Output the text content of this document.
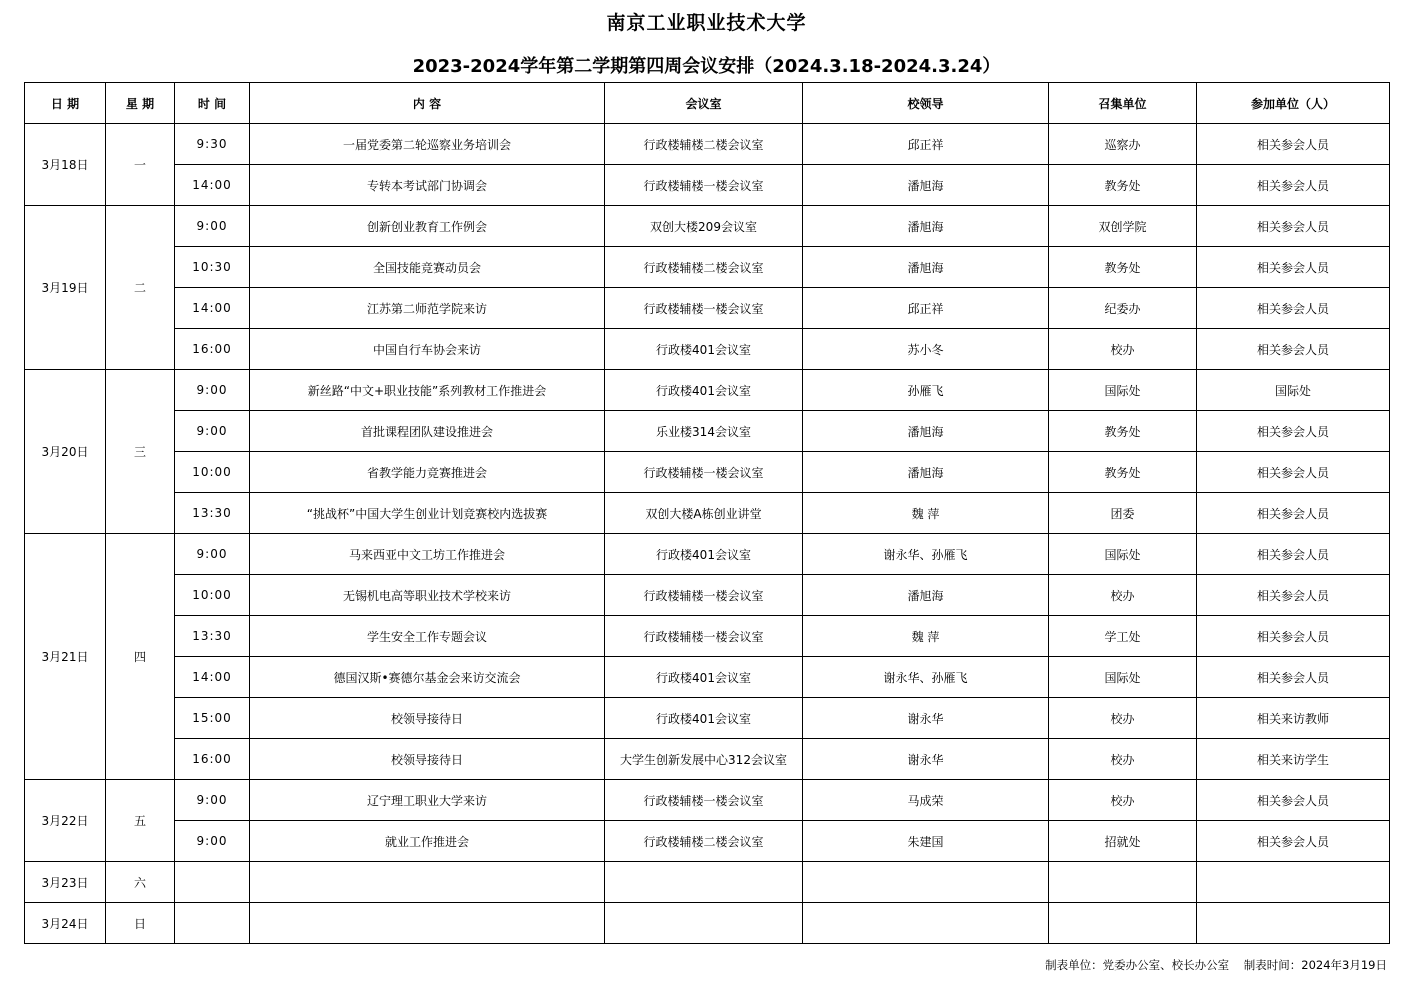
南京工业职业技术大学
2023-2024学年第二学期第四周会议安排（2024.3.18-2024.3.24）
日 期	星 期	时 间	内 容	会议室	校领导	召集单位	参加单位（人）
3月18日	一	9:30	一届党委第二轮巡察业务培训会	行政楼辅楼二楼会议室	邱正祥	巡察办	相关参会人员
		14:00	专转本考试部门协调会	行政楼辅楼一楼会议室	潘旭海	教务处	相关参会人员
3月19日	二	9:00	创新创业教育工作例会	双创大楼209会议室	潘旭海	双创学院	相关参会人员
		10:30	全国技能竞赛动员会	行政楼辅楼二楼会议室	潘旭海	教务处	相关参会人员
		14:00	江苏第二师范学院来访	行政楼辅楼一楼会议室	邱正祥	纪委办	相关参会人员
		16:00	中国自行车协会来访	行政楼401会议室	苏小冬	校办	相关参会人员
3月20日	三	9:00	新丝路“中文+职业技能”系列教材工作推进会	行政楼401会议室	孙雁飞	国际处	国际处
		9:00	首批课程团队建设推进会	乐业楼314会议室	潘旭海	教务处	相关参会人员
		10:00	省教学能力竞赛推进会	行政楼辅楼一楼会议室	潘旭海	教务处	相关参会人员
		13:30	“挑战杯”中国大学生创业计划竞赛校内选拔赛	双创大楼A栋创业讲堂	魏 萍	团委	相关参会人员
3月21日	四	9:00	马来西亚中文工坊工作推进会	行政楼401会议室	谢永华、孙雁飞	国际处	相关参会人员
		10:00	无锡机电高等职业技术学校来访	行政楼辅楼一楼会议室	潘旭海	校办	相关参会人员
		13:30	学生安全工作专题会议	行政楼辅楼一楼会议室	魏 萍	学工处	相关参会人员
		14:00	德国汉斯•赛德尔基金会来访交流会	行政楼401会议室	谢永华、孙雁飞	国际处	相关参会人员
		15:00	校领导接待日	行政楼401会议室	谢永华	校办	相关来访教师
		16:00	校领导接待日	大学生创新发展中心312会议室	谢永华	校办	相关来访学生
3月22日	五	9:00	辽宁理工职业大学来访	行政楼辅楼一楼会议室	马成荣	校办	相关参会人员
		9:00	就业工作推进会	行政楼辅楼二楼会议室	朱建国	招就处	相关参会人员
3月23日	六						
3月24日	日						
制表单位：党委办公室、校长办公室 制表时间：2024年3月19日
